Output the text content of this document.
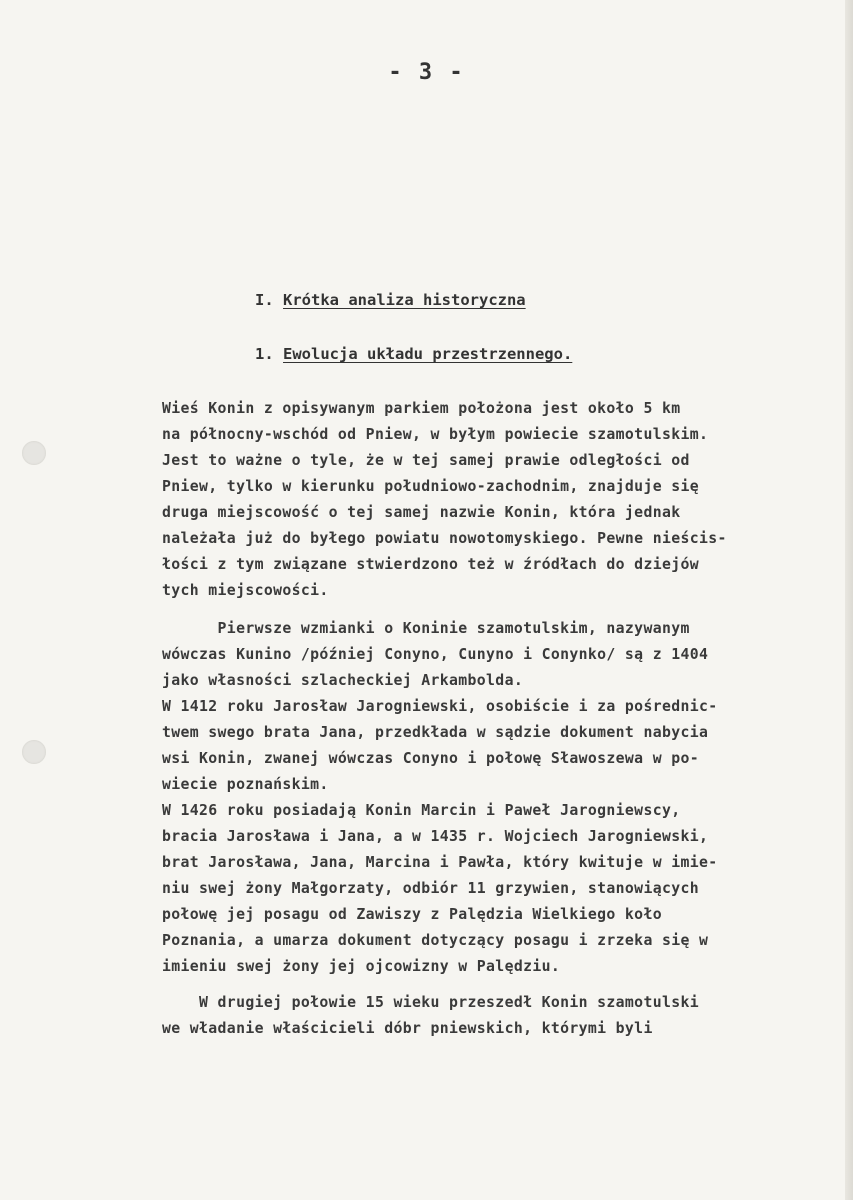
- 3 -
I. Krótka analiza historyczna
1. Ewolucja układu przestrzennego.
Wieś Konin z opisywanym parkiem położona jest około 5 km
na północny-wschód od Pniew, w byłym powiecie szamotulskim.
Jest to ważne o tyle, że w tej samej prawie odległości od
Pniew, tylko w kierunku południowo-zachodnim, znajduje się
druga miejscowość o tej samej nazwie Konin, która jednak
należała już do byłego powiatu nowotomyskiego. Pewne nieścis-
łości z tym związane stwierdzono też w źródłach do dziejów
tych miejscowości.
Pierwsze wzmianki o Koninie szamotulskim, nazywanym
wówczas Kunino /później Conyno, Cunyno i Conynko/ są z 1404
jako własności szlacheckiej Arkambolda.
W 1412 roku Jarosław Jarogniewski, osobiście i za pośrednic-
twem swego brata Jana, przedkłada w sądzie dokument nabycia
wsi Konin, zwanej wówczas Conyno i połowę Sławoszewa w po-
wiecie poznańskim.
W 1426 roku posiadają Konin Marcin i Paweł Jarogniewscy,
bracia Jarosława i Jana, a w 1435 r. Wojciech Jarogniewski,
brat Jarosława, Jana, Marcina i Pawła, który kwituje w imie-
niu swej żony Małgorzaty, odbiór 11 grzywien, stanowiących
połowę jej posagu od Zawiszy z Palędzia Wielkiego koło
Poznania, a umarza dokument dotyczący posagu i zrzeka się w
imieniu swej żony jej ojcowizny w Palędziu.
W drugiej połowie 15 wieku przeszedł Konin szamotulski
we władanie właścicieli dóbr pniewskich, którymi byli
